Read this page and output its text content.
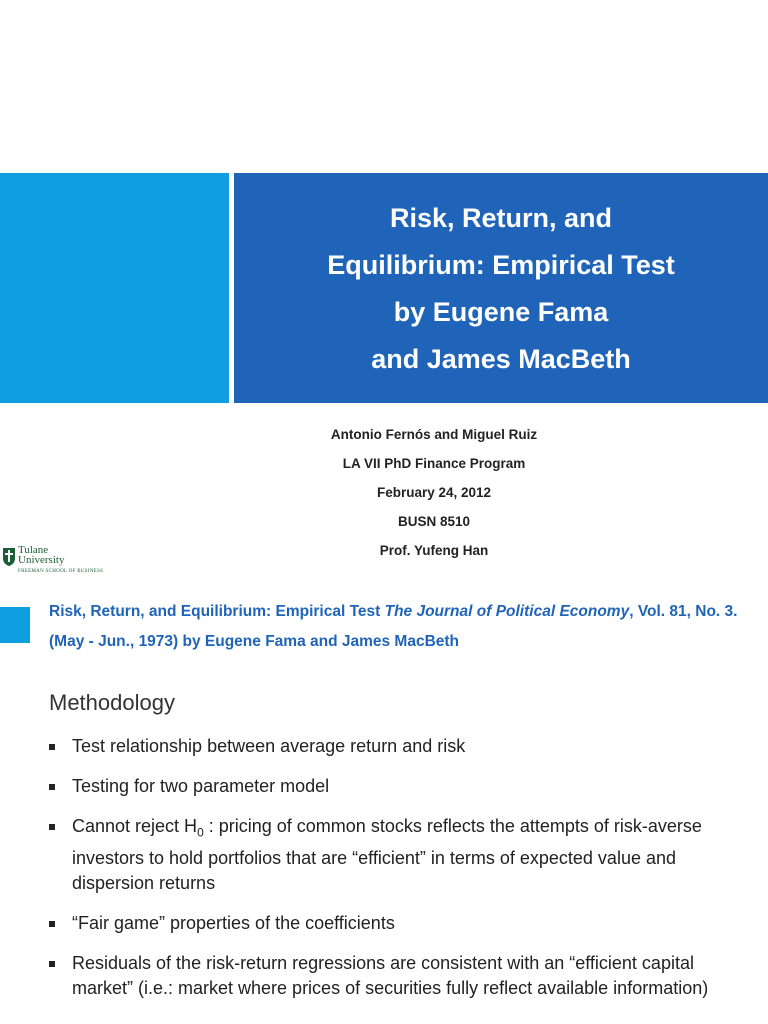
Risk, Return, and
Equilibrium: Empirical Test
by Eugene Fama
and James MacBeth
Antonio Fernós and Miguel Ruiz
LA VII PhD Finance Program
February 24, 2012
BUSN 8510
Prof. Yufeng Han
Tulane
University
FREEMAN SCHOOL OF BUSINESS
Risk, Return, and Equilibrium: Empirical Test The Journal of Political Economy, Vol. 81, No. 3. (May - Jun., 1973) by Eugene Fama and James MacBeth
Methodology
Test relationship between average return and risk
Testing for two parameter model
Cannot reject $H_0$ : pricing of common stocks reflects the attempts of risk-averse investors to hold portfolios that are “efficient” in terms of expected value and dispersion returns
“Fair game” properties of the coefficients
Residuals of the risk-return regressions are consistent with an “efficient capital market” (i.e.: market where prices of securities fully reflect available information)
